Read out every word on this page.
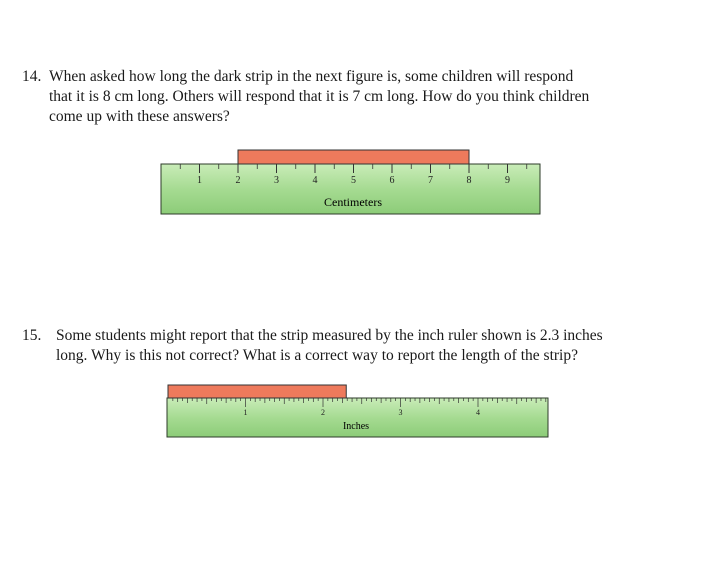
14. When asked how long the dark strip in the next figure is, some children will respond
that it is 8 cm long. Others will respond that it is 7 cm long. How do you think children
come up with these answers?
1	2	3	4	5	6	7	8	9
Centimeters
15. Some students might report that the strip measured by the inch ruler shown is 2.3 inches
long. Why is this not correct? What is a correct way to report the length of the strip?
1	2	3	4
Inches
